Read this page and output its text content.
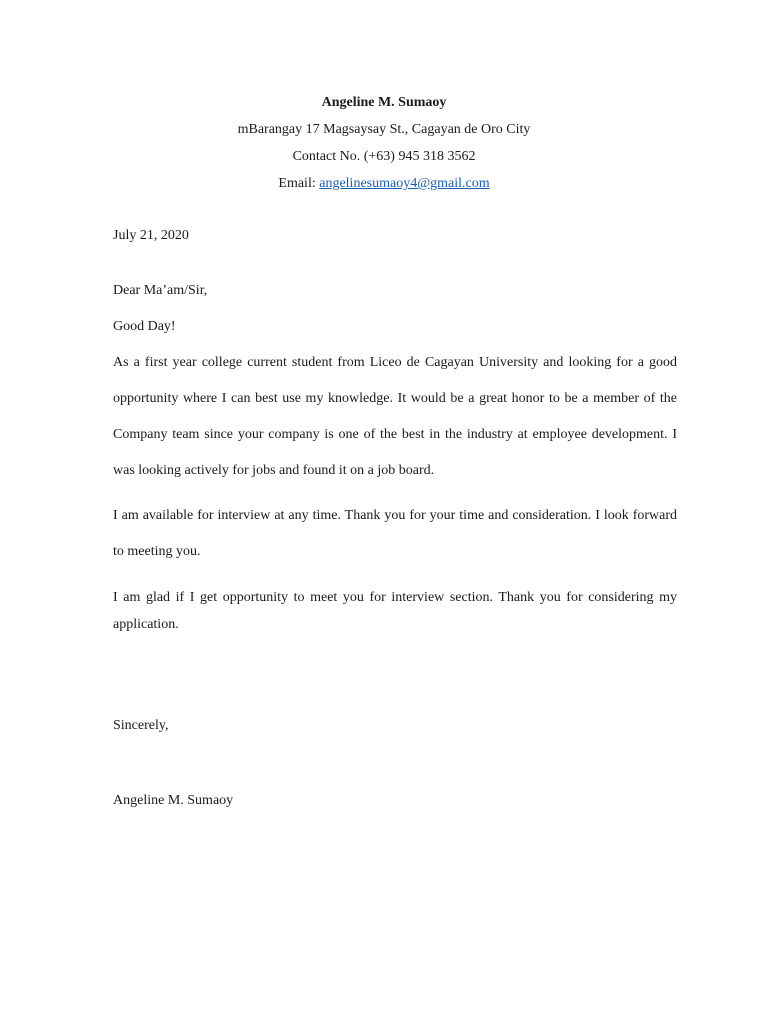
Angeline M. Sumaoy
mBarangay 17 Magsaysay St., Cagayan de Oro City
Contact No. (+63) 945 318 3562
Email: angelinesumaoy4@gmail.com
July 21, 2020
Dear Ma’am/Sir,
Good Day!
As a first year college current student from Liceo de Cagayan University and looking for a good opportunity where I can best use my knowledge. It would be a great honor to be a member of the Company team since your company is one of the best in the industry at employee development. I was looking actively for jobs and found it on a job board.
I am available for interview at any time. Thank you for your time and consideration. I look forward to meeting you.
I am glad if I get opportunity to meet you for interview section. Thank you for considering my application.
Sincerely,
Angeline M. Sumaoy
